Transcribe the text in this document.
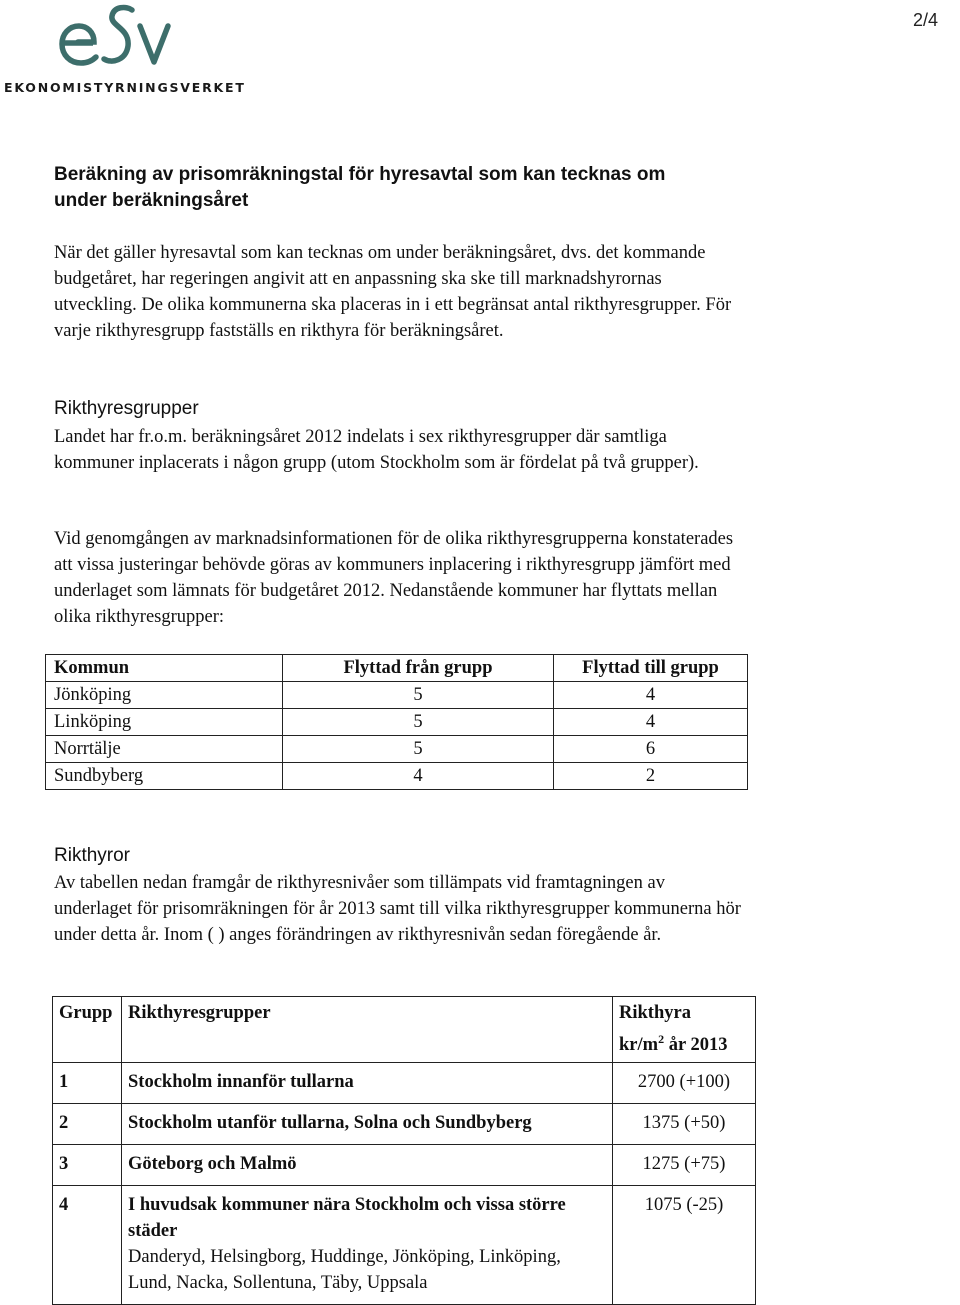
EKONOMISTYRNINGSVERKET
2/4
Beräkning av prisomräkningstal för hyresavtal som kan tecknas om
under beräkningsåret

När det gäller hyresavtal som kan tecknas om under beräkningsåret, dvs. det kommande budgetåret, har regeringen angivit att en anpassning ska ske till marknadshyrornas utveckling. De olika kommunerna ska placeras in i ett begränsat antal rikthyresgrupper. För varje rikthyresgrupp fastställs en rikthyra för beräkningsåret.

Rikthyresgrupper

Landet har fr.o.m. beräkningsåret 2012 indelats i sex rikthyresgrupper där samtliga kommuner inplacerats i någon grupp (utom Stockholm som är fördelat på två grupper).

Vid genomgången av marknadsinformationen för de olika rikthyresgrupperna konstaterades att vissa justeringar behövde göras av kommuners inplacering i rikthyresgrupp jämfört med underlaget som lämnats för budgetåret 2012. Nedanstående kommuner har flyttats mellan olika rikthyresgrupper:

Kommun	Flyttad från grupp	Flyttad till grupp
Jönköping	5	4
Linköping	5	4
Norrtälje	5	6
Sundbyberg	4	2
Rikthyror

Av tabellen nedan framgår de rikthyresnivåer som tillämpats vid framtagningen av underlaget för prisomräkningen för år 2013 samt till vilka rikthyresgrupper kommunerna hör under detta år. Inom ( ) anges förändringen av rikthyresnivån sedan föregående år.

Grupp	Rikthyresgrupper	Rikthyra
$kr/m^2$ år 2013
1	Stockholm innanför tullarna	2700 (+100)
2	Stockholm utanför tullarna, Solna och Sundbyberg	1375 (+50)
3	Göteborg och Malmö	1275 (+75)
4	I huvudsak kommuner nära Stockholm och vissa större städer
Danderyd, Helsingborg, Huddinge, Jönköping, Linköping, Lund, Nacka, Sollentuna, Täby, Uppsala	1075 (-25)
